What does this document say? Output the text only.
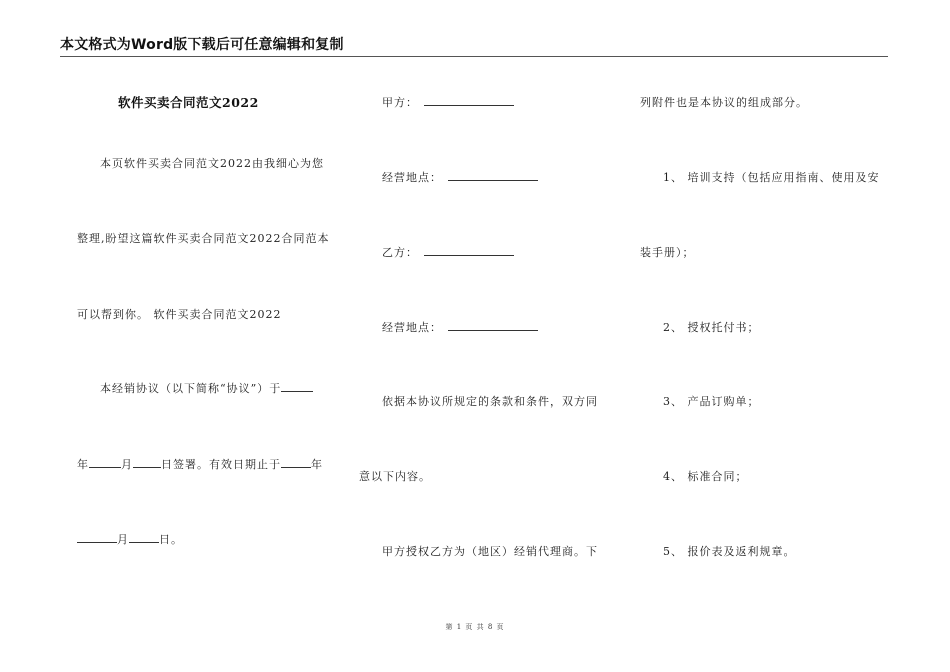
本文格式为Word版下载后可任意编辑和复制
软件买卖合同范文2022
本页软件买卖合同范文2022由我细心为您
整理,盼望这篇软件买卖合同范文2022合同范本
可以帮到你。 软件买卖合同范文2022
本经销协议（以下简称“协议”）于
年	月	日签署。有效日期止于	年
月	日。
甲方：
经营地点：
乙方：
经营地点：
依据本协议所规定的条款和条件，双方同
意以下内容。
甲方授权乙方为（地区）经销代理商。下
列附件也是本协议的组成部分。
1、 培训支持（包括应用指南、使用及安
装手册）；
2、 授权托付书；
3、 产品订购单；
4、 标准合同；
5、 报价表及返利规章。
第 1 页 共 8 页
